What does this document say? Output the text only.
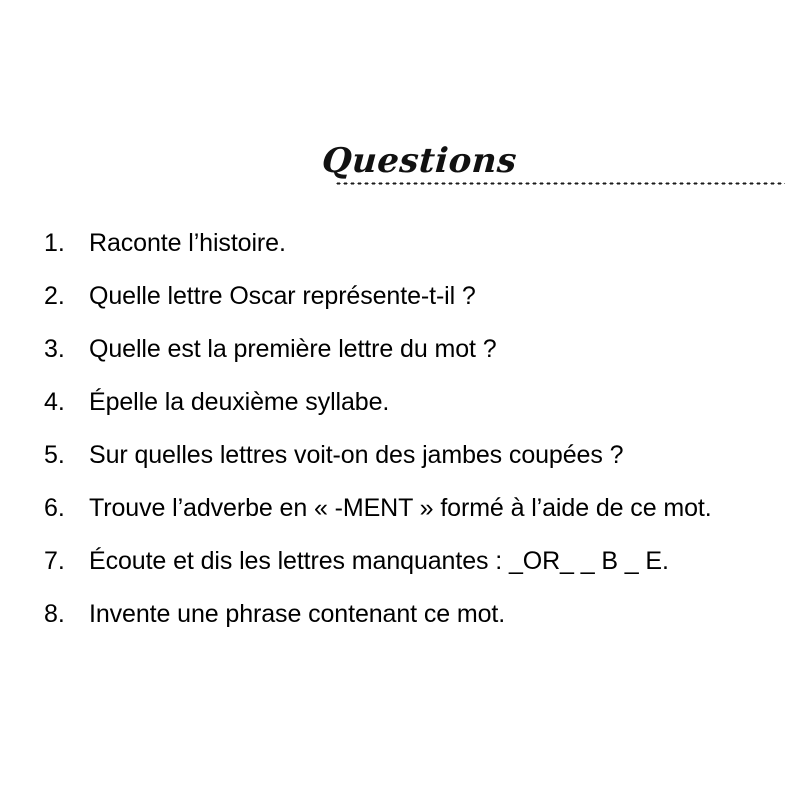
Questions
1. Raconte l’histoire.
2. Quelle lettre Oscar représente-t-il ?
3. Quelle est la première lettre du mot ?
4. Épelle la deuxième syllabe.
5. Sur quelles lettres voit-on des jambes coupées ?
6. Trouve l’adverbe en « -MENT » formé à l’aide de ce mot.
7. Écoute et dis les lettres manquantes : _OR_ _ B _ E.
8. Invente une phrase contenant ce mot.
